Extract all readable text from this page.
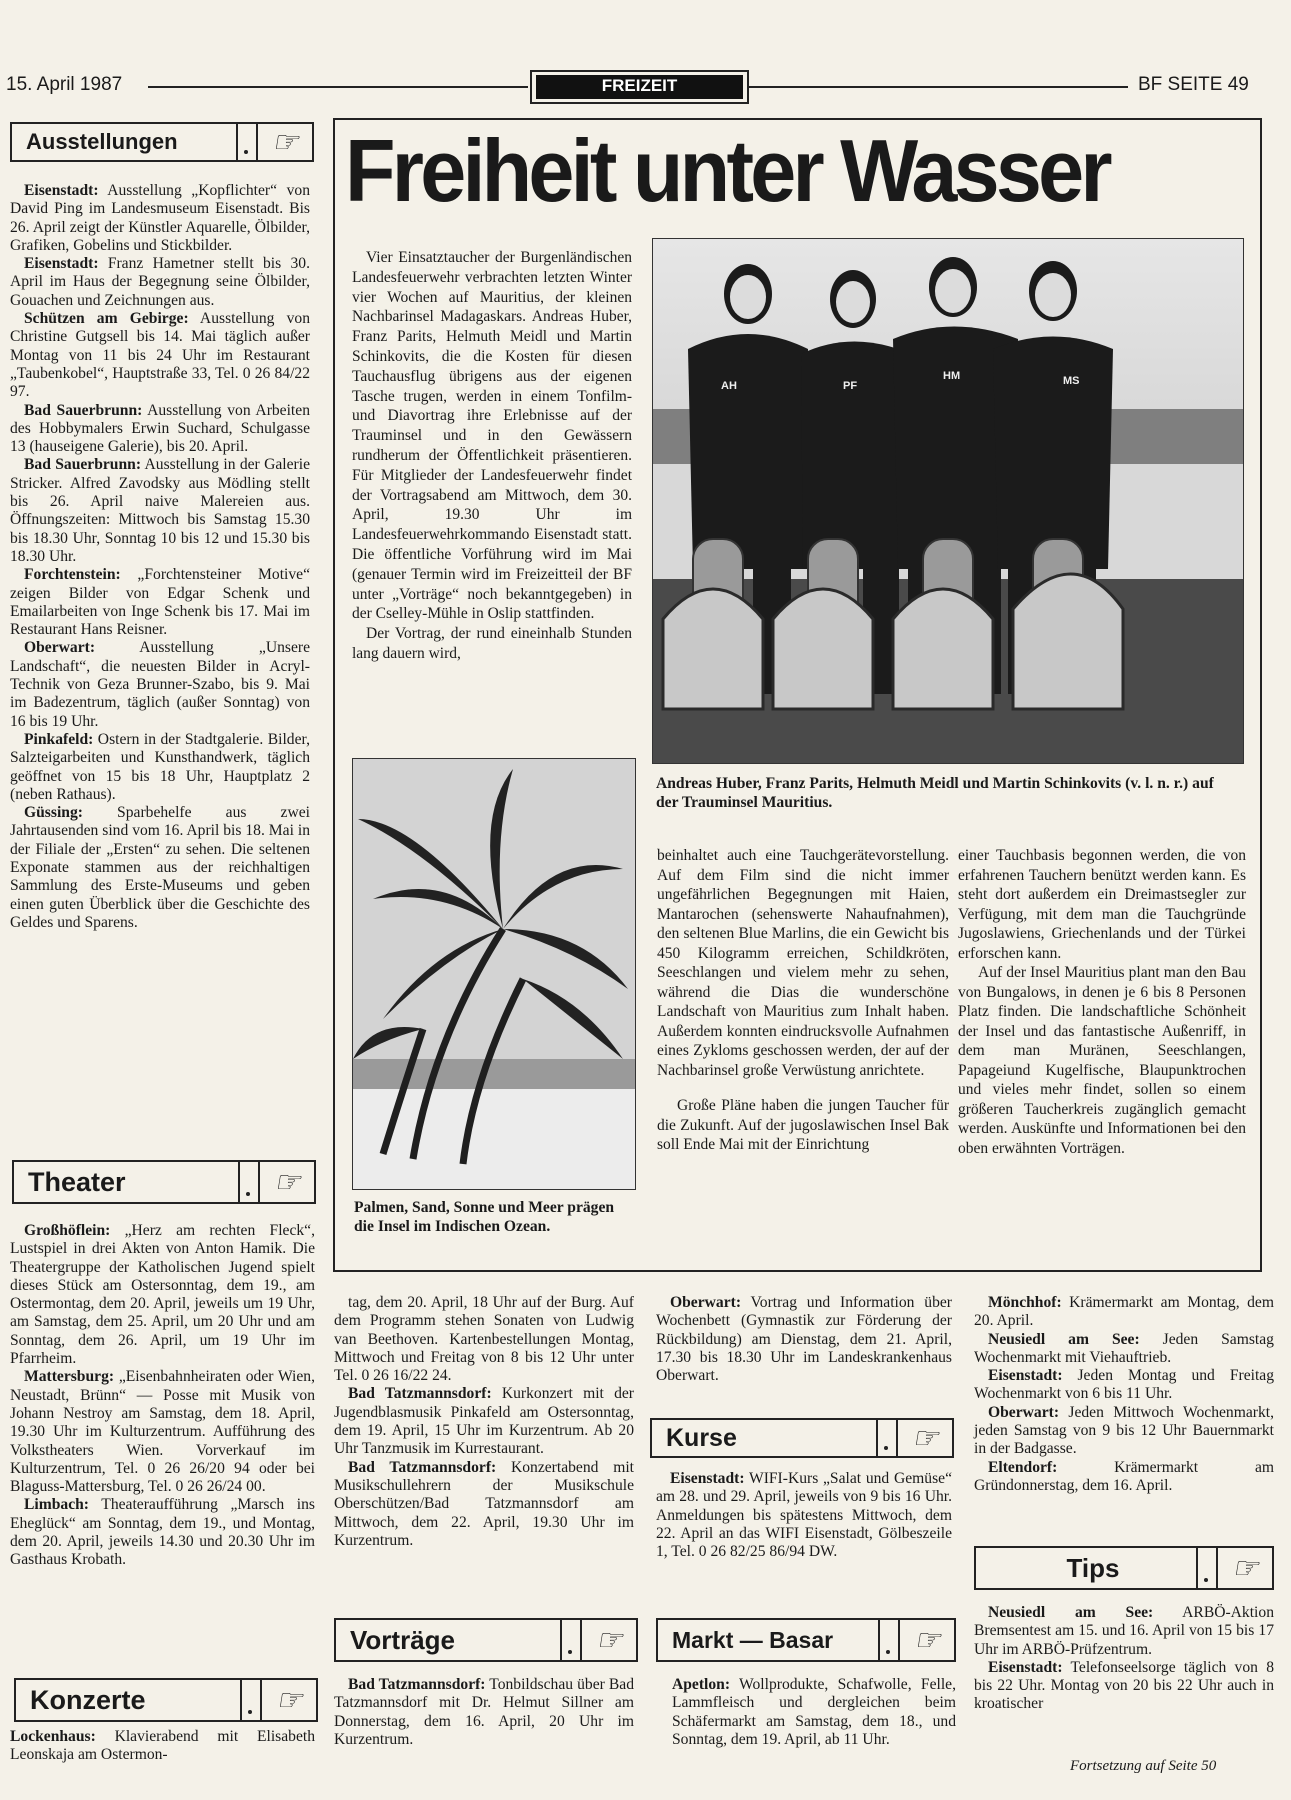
15. April 1987	FREIZEIT	BF SEITE 49
Ausstellungen	☞

Eisenstadt: Ausstellung „Kopflichter“ von David Ping im Landesmuseum Eisenstadt. Bis 26. April zeigt der Künstler Aquarelle, Ölbilder, Grafiken, Gobelins und Stickbilder.

Eisenstadt: Franz Hametner stellt bis 30. April im Haus der Begegnung seine Ölbilder, Gouachen und Zeichnungen aus.

Schützen am Gebirge: Ausstellung von Christine Gutgsell bis 14. Mai täglich außer Montag von 11 bis 24 Uhr im Restaurant „Taubenkobel“, Hauptstraße 33, Tel. 0 26 84/22 97.

Bad Sauerbrunn: Ausstellung von Arbeiten des Hobbymalers Erwin Suchard, Schulgasse 13 (hauseigene Galerie), bis 20. April.

Bad Sauerbrunn: Ausstellung in der Galerie Stricker. Alfred Zavodsky aus Mödling stellt bis 26. April naive Malereien aus. Öffnungszeiten: Mittwoch bis Samstag 15.30 bis 18.30 Uhr, Sonntag 10 bis 12 und 15.30 bis 18.30 Uhr.

Forchtenstein: „Forchtensteiner Motive“ zeigen Bilder von Edgar Schenk und Emailarbeiten von Inge Schenk bis 17. Mai im Restaurant Hans Reisner.

Oberwart: Ausstellung „Unsere Landschaft“, die neuesten Bilder in Acryl-Technik von Geza Brunner-Szabo, bis 9. Mai im Badezentrum, täglich (außer Sonntag) von 16 bis 19 Uhr.

Pinkafeld: Ostern in der Stadtgalerie. Bilder, Salzteigarbeiten und Kunsthandwerk, täglich geöffnet von 15 bis 18 Uhr, Hauptplatz 2 (neben Rathaus).

Güssing: Sparbehelfe aus zwei Jahrtausenden sind vom 16. April bis 18. Mai in der Filiale der „Ersten“ zu sehen. Die seltenen Exponate stammen aus der reichhaltigen Sammlung des Erste-Museums und geben einen guten Überblick über die Geschichte des Geldes und Sparens.

Theater	☞

Großhöflein: „Herz am rechten Fleck“, Lustspiel in drei Akten von Anton Hamik. Die Theatergruppe der Katholischen Jugend spielt dieses Stück am Ostersonntag, dem 19., am Ostermontag, dem 20. April, jeweils um 19 Uhr, am Samstag, dem 25. April, um 20 Uhr und am Sonntag, dem 26. April, um 19 Uhr im Pfarrheim.

Mattersburg: „Eisenbahnheiraten oder Wien, Neustadt, Brünn“ — Posse mit Musik von Johann Nestroy am Samstag, dem 18. April, 19.30 Uhr im Kulturzentrum. Aufführung des Volkstheaters Wien. Vorverkauf im Kulturzentrum, Tel. 0 26 26/20 94 oder bei Blaguss-Mattersburg, Tel. 0 26 26/24 00.

Limbach: Theateraufführung „Marsch ins Eheglück“ am Sonntag, dem 19., und Montag, dem 20. April, jeweils 14.30 und 20.30 Uhr im Gasthaus Krobath.

Konzerte	☞

Lockenhaus: Klavierabend mit Elisabeth Leonskaja am Ostermon-

Freiheit unter Wasser

Vier Einsatztaucher der Burgenländischen Landesfeuerwehr verbrachten letzten Winter vier Wochen auf Mauritius, der kleinen Nachbarinsel Madagaskars. Andreas Huber, Franz Parits, Helmuth Meidl und Martin Schinkovits, die die Kosten für diesen Tauchausflug übrigens aus der eigenen Tasche trugen, werden in einem Tonfilm- und Diavortrag ihre Erlebnisse auf der Trauminsel und in den Gewässern rundherum der Öffentlichkeit präsentieren. Für Mitglieder der Landesfeuerwehr findet der Vortragsabend am Mittwoch, dem 30. April, 19.30 Uhr im Landesfeuerwehrkommando Eisenstadt statt. Die öffentliche Vorführung wird im Mai (genauer Termin wird im Freizeitteil der BF unter „Vorträge“ noch bekanntgegeben) in der Cselley-Mühle in Oslip stattfinden.

Der Vortrag, der rund eineinhalb Stunden lang dauern wird,

AH	PF
HM	MS
Andreas Huber, Franz Parits, Helmuth Meidl und Martin Schinkovits (v. l. n. r.) auf der Trauminsel Mauritius.
Palmen, Sand, Sonne und Meer prägen die Insel im Indischen Ozean.

beinhaltet auch eine Tauchgerätevorstellung. Auf dem Film sind die nicht immer ungefährlichen Begegnungen mit Haien, Mantarochen (sehenswerte Nahaufnahmen), den seltenen Blue Marlins, die ein Gewicht bis 450 Kilogramm erreichen, Schildkröten, Seeschlangen und vielem mehr zu sehen, während die Dias die wunderschöne Landschaft von Mauritius zum Inhalt haben. Außerdem konnten eindrucksvolle Aufnahmen eines Zykloms geschossen werden, der auf der Nachbarinsel große Verwüstung anrichtete.

Große Pläne haben die jungen Taucher für die Zukunft. Auf der jugoslawischen Insel Bak soll Ende Mai mit der Einrichtung

einer Tauchbasis begonnen werden, die von erfahrenen Tauchern benützt werden kann. Es steht dort außerdem ein Dreimastsegler zur Verfügung, mit dem man die Tauchgründe Jugoslawiens, Griechenlands und der Türkei erforschen kann.

Auf der Insel Mauritius plant man den Bau von Bungalows, in denen je 6 bis 8 Personen Platz finden. Die landschaftliche Schönheit der Insel und das fantastische Außenriff, in dem man Muränen, Seeschlangen, Papageiund Kugelfische, Blaupunktrochen und vieles mehr findet, sollen so einem größeren Taucherkreis zugänglich gemacht werden. Auskünfte und Informationen bei den oben erwähnten Vorträgen.

tag, dem 20. April, 18 Uhr auf der Burg. Auf dem Programm stehen Sonaten von Ludwig van Beethoven. Kartenbestellungen Montag, Mittwoch und Freitag von 8 bis 12 Uhr unter Tel. 0 26 16/22 24.

Bad Tatzmannsdorf: Kurkonzert mit der Jugendblasmusik Pinkafeld am Ostersonntag, dem 19. April, 15 Uhr im Kurzentrum. Ab 20 Uhr Tanzmusik im Kurrestaurant.

Bad Tatzmannsdorf: Konzertabend mit Musikschullehrern der Musikschule Oberschützen/Bad Tatzmannsdorf am Mittwoch, dem 22. April, 19.30 Uhr im Kurzentrum.

Vorträge	☞

Bad Tatzmannsdorf: Tonbildschau über Bad Tatzmannsdorf mit Dr. Helmut Sillner am Donnerstag, dem 16. April, 20 Uhr im Kurzentrum.

Oberwart: Vortrag und Information über Wochenbett (Gymnastik zur Förderung der Rückbildung) am Dienstag, dem 21. April, 17.30 bis 18.30 Uhr im Landeskrankenhaus Oberwart.

Kurse	☞

Eisenstadt: WIFI-Kurs „Salat und Gemüse“ am 28. und 29. April, jeweils von 9 bis 16 Uhr. Anmeldungen bis spätestens Mittwoch, dem 22. April an das WIFI Eisenstadt, Gölbeszeile 1, Tel. 0 26 82/25 86/94 DW.

Markt — Basar	☞

Apetlon: Wollprodukte, Schafwolle, Felle, Lammfleisch und dergleichen beim Schäfermarkt am Samstag, dem 18., und Sonntag, dem 19. April, ab 11 Uhr.

Mönchhof: Krämermarkt am Montag, dem 20. April.

Neusiedl am See: Jeden Samstag Wochenmarkt mit Viehauftrieb.

Eisenstadt: Jeden Montag und Freitag Wochenmarkt von 6 bis 11 Uhr.

Oberwart: Jeden Mittwoch Wochenmarkt, jeden Samstag von 9 bis 12 Uhr Bauernmarkt in der Badgasse.

Eltendorf: Krämermarkt am Gründonnerstag, dem 16. April.

Tips	☞

Neusiedl am See: ARBÖ-Aktion Bremsentest am 15. und 16. April von 15 bis 17 Uhr im ARBÖ-Prüfzentrum.

Eisenstadt: Telefonseelsorge täglich von 8 bis 22 Uhr. Montag von 20 bis 22 Uhr auch in kroatischer

Fortsetzung auf Seite 50
